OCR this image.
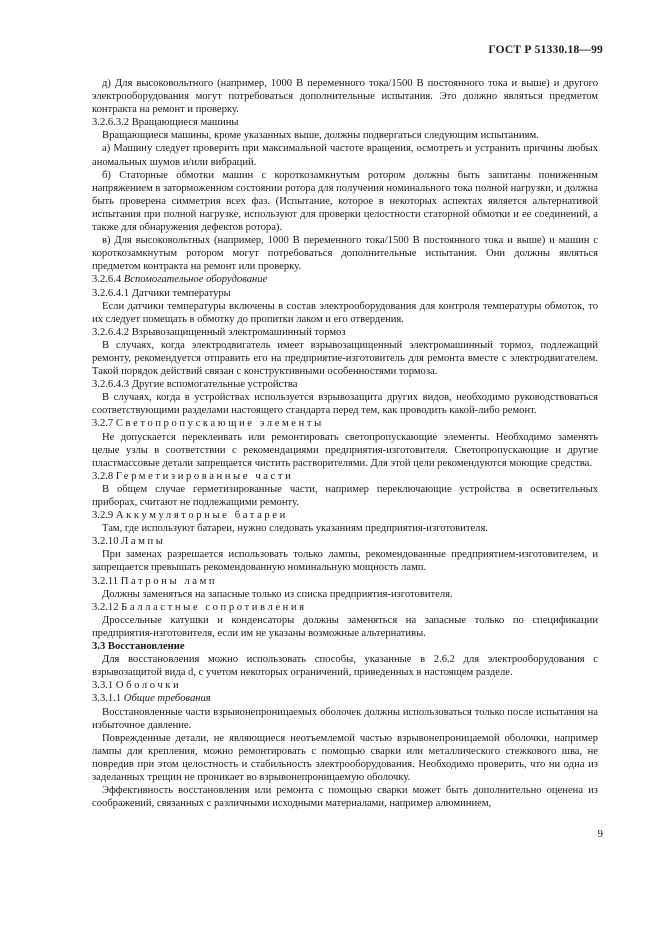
ГОСТ Р 51330.18—99
д) Для высоковольтного (например, 1000 В переменного тока/1500 В постоянного тока и выше) и другого электрооборудования могут потребоваться дополнительные испытания. Это должно являться предметом контракта на ремонт и проверку.
3.2.6.3.2 Вращающиеся машины
Вращающиеся машины, кроме указанных выше, должны подвергаться следующим испытаниям.
а) Машину следует проверить при максимальной частоте вращения, осмотреть и устранить причины любых аномальных шумов и/или вибраций.
б) Статорные обмотки машин с короткозамкнутым ротором должны быть запитаны пониженным напряжением в заторможенном состоянии ротора для получения номинального тока полной нагрузки, и должна быть проверена симметрия всех фаз. (Испытание, которое в некоторых аспектах является альтернативой испытания при полной нагрузке, используют для проверки целостности статорной обмотки и ее соединений, а также для обнаружения дефектов ротора).
в) Для высоковольтных (например, 1000 В переменного тока/1500 В постоянного тока и выше) и машин с короткозамкнутым ротором могут потребоваться дополнительные испытания. Они должны являться предметом контракта на ремонт или проверку.
3.2.6.4 Вспомогательное оборудование
3.2.6.4.1 Датчики температуры
Если датчики температуры включены в состав электрооборудования для контроля температуры обмоток, то их следует помещать в обмотку до пропитки лаком и его отвердения.
3.2.6.4.2 Взрывозащищенный электромашинный тормоз
В случаях, когда электродвигатель имеет взрывозащищенный электромашинный тормоз, подлежащий ремонту, рекомендуется отправить его на предприятие-изготовитель для ремонта вместе с электродвигателем. Такой порядок действий связан с конструктивными особенностями тормоза.
3.2.6.4.3 Другие вспомогательные устройства
В случаях, когда в устройствах используется взрывозащита других видов, необходимо руководствоваться соответствующими разделами настоящего стандарта перед тем, как проводить какой-либо ремонт.
3.2.7 Светопропускающие элементы
Не допускается переклеивать или ремонтировать светопропускающие элементы. Необходимо заменять целые узлы в соответствии с рекомендациями предприятия-изготовителя. Светопропускающие и другие пластмассовые детали запрещается чистить растворителями. Для этой цели рекомендуются моющие средства.
3.2.8 Герметизированные части
В общем случае герметизированные части, например переключающие устройства в осветительных приборах, считают не подлежащими ремонту.
3.2.9 Аккумуляторные батареи
Там, где используют батареи, нужно следовать указаниям предприятия-изготовителя.
3.2.10 Лампы
При заменах разрешается использовать только лампы, рекомендованные предприятием-изготовителем, и запрещается превышать рекомендованную номинальную мощность ламп.
3.2.11 Патроны ламп
Должны заменяться на запасные только из списка предприятия-изготовителя.
3.2.12 Балластные сопротивления
Дроссельные катушки и конденсаторы должны заменяться на запасные только по спецификации предприятия-изготовителя, если им не указаны возможные альтернативы.
3.3 Восстановление
Для восстановления можно использовать способы, указанные в 2.6.2 для электрооборудования с взрывозащитой вида d, с учетом некоторых ограничений, приведенных в настоящем разделе.
3.3.1 Оболочки
3.3.1.1 Общие требования
Восстановленные части взрывонепроницаемых оболочек должны использоваться только после испытания на избыточное давление.
Поврежденные детали, не являющиеся неотъемлемой частью взрывонепроницаемой оболочки, например лампы для крепления, можно ремонтировать с помощью сварки или металлического стежкового шва, не повредив при этом целостность и стабильность электрооборудования. Необходимо проверить, что ни одна из заделанных трещин не проникает во взрывонепроницаемую оболочку.
Эффективность восстановления или ремонта с помощью сварки может быть дополнительно оценена из соображений, связанных с различными исходными материалами, например алюминием,
9
